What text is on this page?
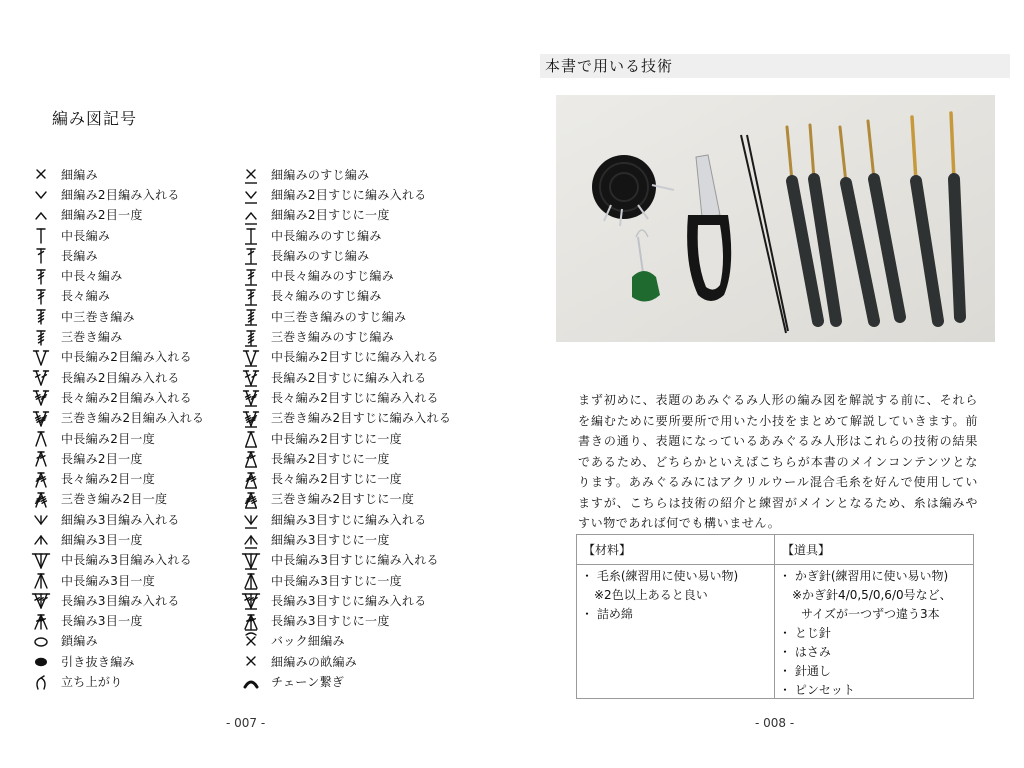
編み図記号
細編み
細編み2目編み入れる
細編み2目一度
中長編み
長編み
中長々編み
長々編み
中三巻き編み
三巻き編み
中長編み2目編み入れる
長編み2目編み入れる
長々編み2目編み入れる
三巻き編み2目編み入れる
中長編み2目一度
長編み2目一度
長々編み2目一度
三巻き編み2目一度
細編み3目編み入れる
細編み3目一度
中長編み3目編み入れる
中長編み3目一度
長編み3目編み入れる
長編み3目一度
鎖編み
引き抜き編み
立ち上がり
細編みのすじ編み
細編み2目すじに編み入れる
細編み2目すじに一度
中長編みのすじ編み
長編みのすじ編み
中長々編みのすじ編み
長々編みのすじ編み
中三巻き編みのすじ編み
三巻き編みのすじ編み
中長編み2目すじに編み入れる
長編み2目すじに編み入れる
長々編み2目すじに編み入れる
三巻き編み2目すじに編み入れる
中長編み2目すじに一度
長編み2目すじに一度
長々編み2目すじに一度
三巻き編み2目すじに一度
細編み3目すじに編み入れる
細編み3目すじに一度
中長編み3目すじに編み入れる
中長編み3目すじに一度
長編み3目すじに編み入れる
長編み3目すじに一度
バック細編み
細編みの畝編み
チェーン繋ぎ
- 007 -
本書で用いる技術
まず初めに、表題のあみぐるみ人形の編み図を解説する前に、それらを編むために要所要所で用いた小技をまとめて解説していきます。前書きの通り、表題になっているあみぐるみ人形はこれらの技術の結果であるため、どちらかといえばこちらが本書のメインコンテンツとなります。あみぐるみにはアクリルウール混合毛糸を好んで使用していますが、こちらは技術の紹介と練習がメインとなるため、糸は編みやすい物であれば何でも構いません。
【材料】	【道具】
・ 毛糸(練習用に使い易い物)
※2色以上あると良い
・ 詰め綿
・ かぎ針(練習用に使い易い物)
※かぎ針4/0,5/0,6/0号など、
サイズが一つずつ違う3本
・ とじ針
・ はさみ
・ 針通し
・ ピンセット
- 008 -
